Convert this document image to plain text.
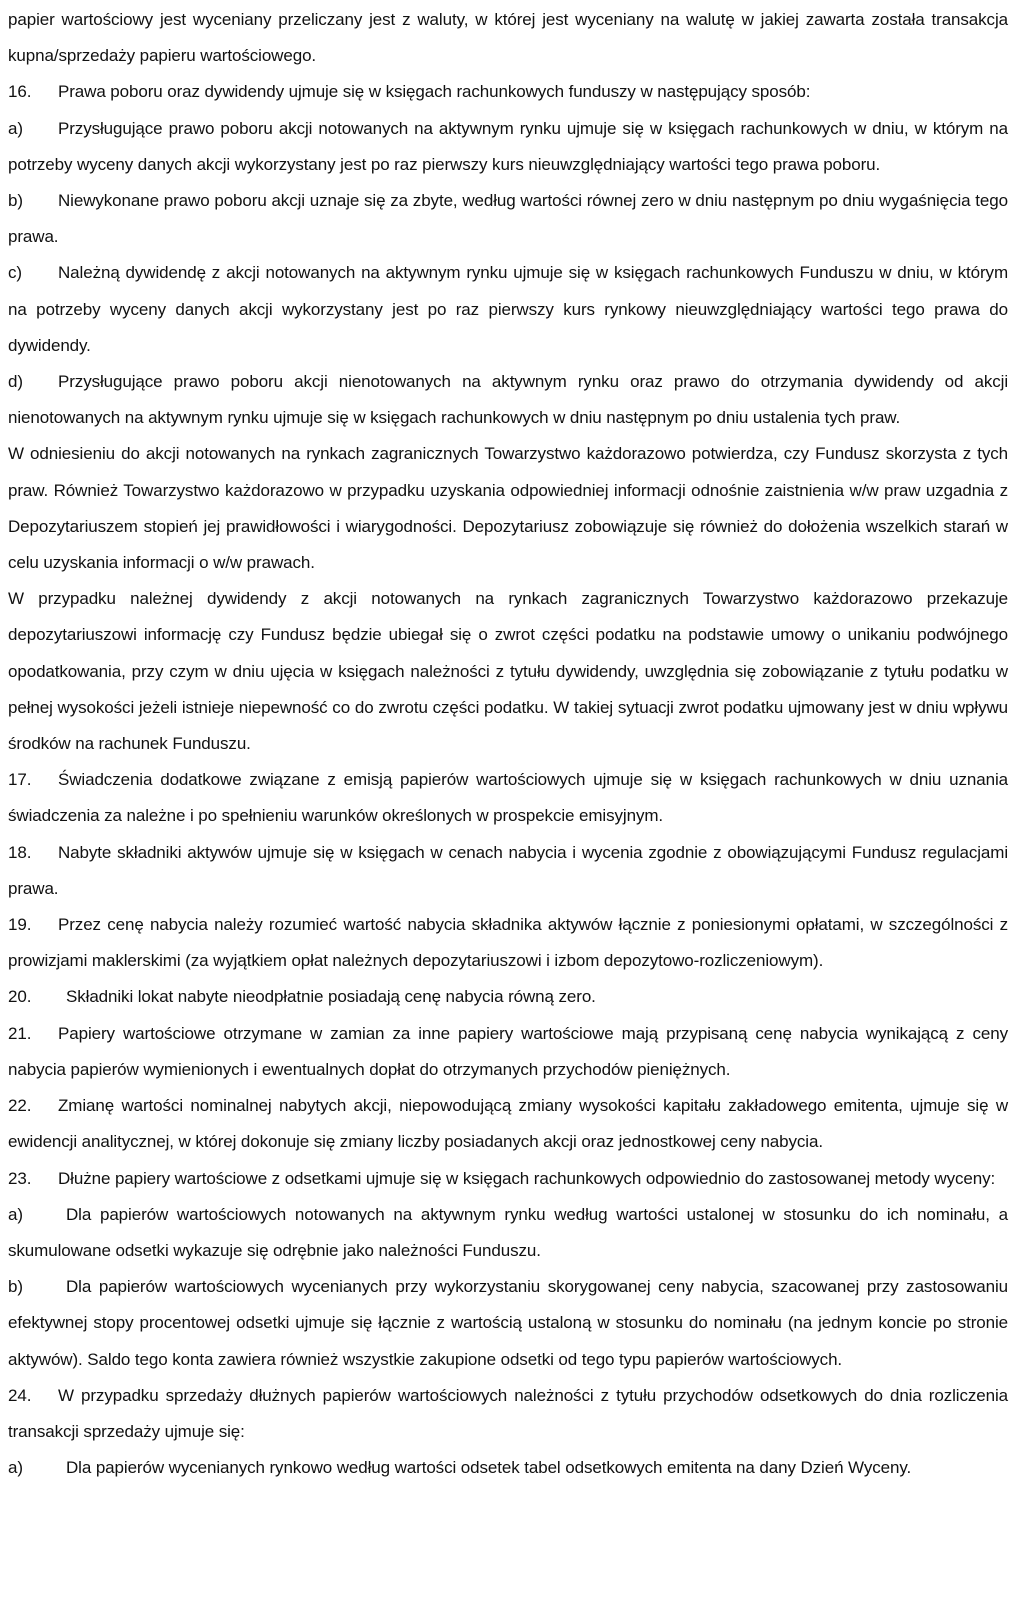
papier wartościowy jest wyceniany przeliczany jest z waluty, w której jest wyceniany na walutę w jakiej zawarta została transakcja kupna/sprzedaży papieru wartościowego.

16. Prawa poboru oraz dywidendy ujmuje się w księgach rachunkowych funduszy w następujący sposób:

a) Przysługujące prawo poboru akcji notowanych na aktywnym rynku ujmuje się w księgach rachunkowych w dniu, w którym na potrzeby wyceny danych akcji wykorzystany jest po raz pierwszy kurs nieuwzględniający wartości tego prawa poboru.

b) Niewykonane prawo poboru akcji uznaje się za zbyte, według wartości równej zero w dniu następnym po dniu wygaśnięcia tego prawa.

c) Należną dywidendę z akcji notowanych na aktywnym rynku ujmuje się w księgach rachunkowych Funduszu w dniu, w którym na potrzeby wyceny danych akcji wykorzystany jest po raz pierwszy kurs rynkowy nieuwzględniający wartości tego prawa do dywidendy.

d) Przysługujące prawo poboru akcji nienotowanych na aktywnym rynku oraz prawo do otrzymania dywidendy od akcji nienotowanych na aktywnym rynku ujmuje się w księgach rachunkowych w dniu następnym po dniu ustalenia tych praw.

W odniesieniu do akcji notowanych na rynkach zagranicznych Towarzystwo każdorazowo potwierdza, czy Fundusz skorzysta z tych praw. Również Towarzystwo każdorazowo w przypadku uzyskania odpowiedniej informacji odnośnie zaistnienia w/w praw uzgadnia z Depozytariuszem stopień jej prawidłowości i wiarygodności. Depozytariusz zobowiązuje się również do dołożenia wszelkich starań w celu uzyskania informacji o w/w prawach.

W przypadku należnej dywidendy z akcji notowanych na rynkach zagranicznych Towarzystwo każdorazowo przekazuje depozytariuszowi informację czy Fundusz będzie ubiegał się o zwrot części podatku na podstawie umowy o unikaniu podwójnego opodatkowania, przy czym w dniu ujęcia w księgach należności z tytułu dywidendy, uwzględnia się zobowiązanie z tytułu podatku w pełnej wysokości jeżeli istnieje niepewność co do zwrotu części podatku. W takiej sytuacji zwrot podatku ujmowany jest w dniu wpływu środków na rachunek Funduszu.

17. Świadczenia dodatkowe związane z emisją papierów wartościowych ujmuje się w księgach rachunkowych w dniu uznania świadczenia za należne i po spełnieniu warunków określonych w prospekcie emisyjnym.

18. Nabyte składniki aktywów ujmuje się w księgach w cenach nabycia i wycenia zgodnie z obowiązującymi Fundusz regulacjami prawa.

19. Przez cenę nabycia należy rozumieć wartość nabycia składnika aktywów łącznie z poniesionymi opłatami, w szczególności z prowizjami maklerskimi (za wyjątkiem opłat należnych depozytariuszowi i izbom depozytowo-rozliczeniowym).

20. Składniki lokat nabyte nieodpłatnie posiadają cenę nabycia równą zero.

21. Papiery wartościowe otrzymane w zamian za inne papiery wartościowe mają przypisaną cenę nabycia wynikającą z ceny nabycia papierów wymienionych i ewentualnych dopłat do otrzymanych przychodów pieniężnych.

22. Zmianę wartości nominalnej nabytych akcji, niepowodującą zmiany wysokości kapitału zakładowego emitenta, ujmuje się w ewidencji analitycznej, w której dokonuje się zmiany liczby posiadanych akcji oraz jednostkowej ceny nabycia.

23. Dłużne papiery wartościowe z odsetkami ujmuje się w księgach rachunkowych odpowiednio do zastosowanej metody wyceny:

a)	Dla papierów wartościowych notowanych na aktywnym rynku według wartości ustalonej w stosunku do ich nominału, a skumulowane odsetki wykazuje się odrębnie jako należności Funduszu.

b)	Dla papierów wartościowych wycenianych przy wykorzystaniu skorygowanej ceny nabycia, szacowanej przy zastosowaniu efektywnej stopy procentowej odsetki ujmuje się łącznie z wartością ustaloną w stosunku do nominału (na jednym koncie po stronie aktywów). Saldo tego konta zawiera również wszystkie zakupione odsetki od tego typu papierów wartościowych.

24. W przypadku sprzedaży dłużnych papierów wartościowych należności z tytułu przychodów odsetkowych do dnia rozliczenia transakcji sprzedaży ujmuje się:

a)	Dla papierów wycenianych rynkowo według wartości odsetek tabel odsetkowych emitenta na dany Dzień Wyceny.
